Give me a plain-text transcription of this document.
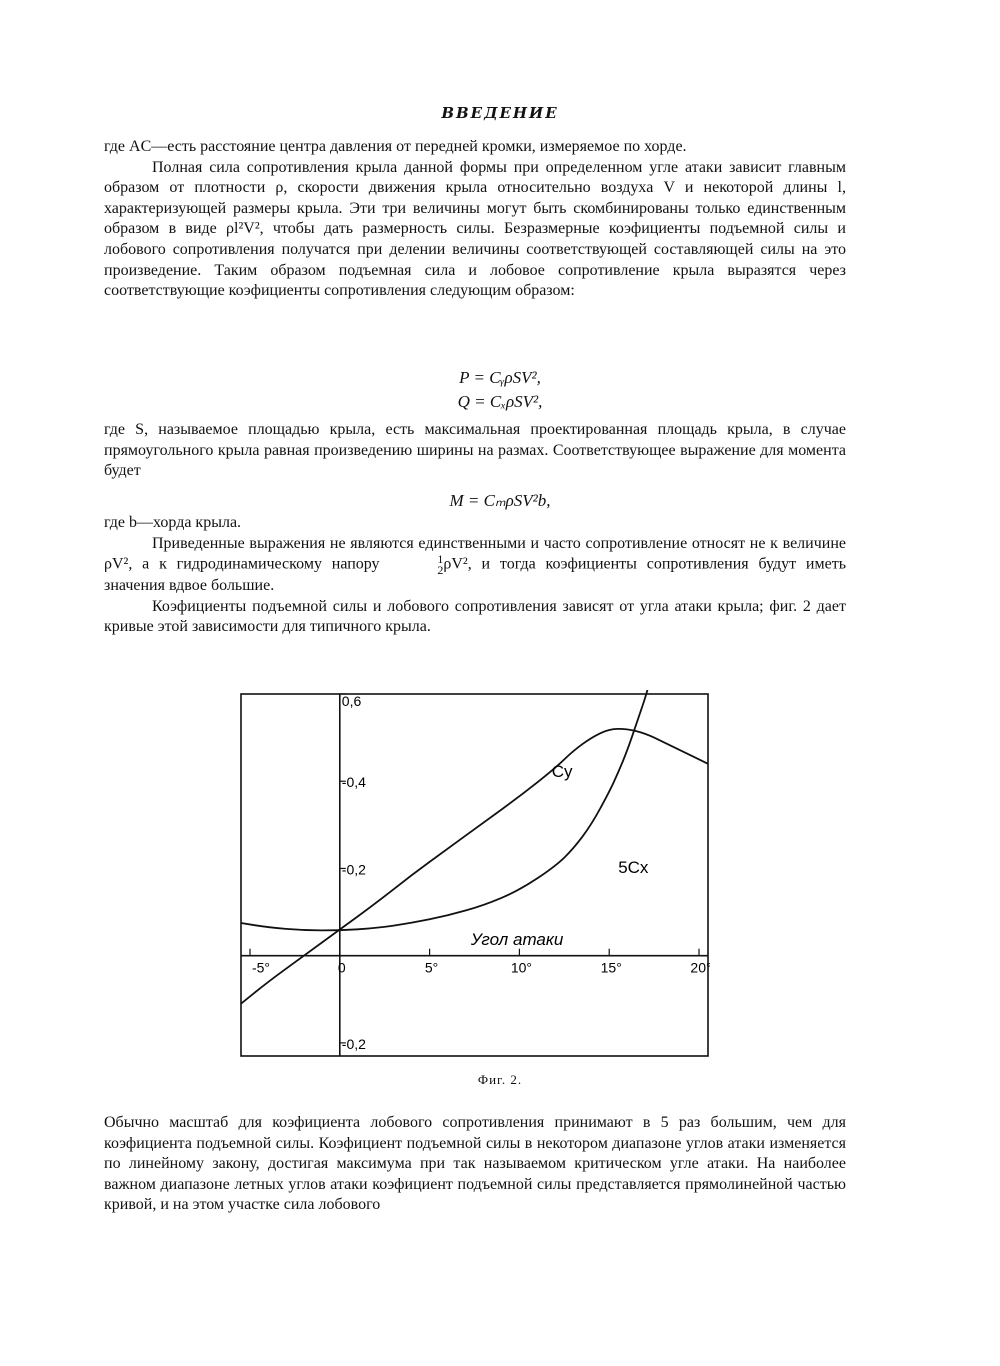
ВВЕДЕНИЕ

где AC—есть расстояние центра давления от передней кромки, измеряемое по хорде.

Полная сила сопротивления крыла данной формы при определенном угле атаки зависит главным образом от плотности ρ, скорости движения крыла относительно воздуха V и некоторой длины l, характеризующей размеры крыла. Эти три величины могут быть скомбинированы только единственным образом в виде ρl²V², чтобы дать размерность силы. Безразмерные коэфициенты подъемной силы и лобового сопротивления получатся при делении величины соответствующей составляющей силы на это произведение. Таким образом подъемная сила и лобовое сопротивление крыла выразятся через соответствующие коэфициенты сопротивления следующим образом:

P = CᵧρSV²,
Q = CₓρSV²,

где S, называемое площадью крыла, есть максимальная проектированная площадь крыла, в случае прямоугольного крыла равная произведению ширины на размах. Соответствующее выражение для момента будет

M = CₘρSV²b,

где b—хорда крыла.

Приведенные выражения не являются единственными и часто сопротивление относят не к величине ρV², а к гидродинамическому напору	1
2 ρV², и тогда коэфициенты сопротивления будут иметь значения вдвое большие.

Коэфициенты подъемной силы и лобового сопротивления зависят от угла атаки крыла; фиг. 2 дает кривые этой зависимости для типичного крыла.

-5°	0	5°	10°	15°	20°
0,6
-0,4
-0,2
-0,2
Cy
5Cx
Угол атаки
Фиг. 2.

Обычно масштаб для коэфициента лобового сопротивления принимают в 5 раз большим, чем для коэфициента подъемной силы. Коэфициент подъемной силы в некотором диапазоне углов атаки изменяется по линейному закону, достигая максимума при так называемом критическом угле атаки. На наиболее важном диапазоне летных углов атаки коэфициент подъемной силы представляется прямолинейной частью кривой, и на этом участке сила лобового
